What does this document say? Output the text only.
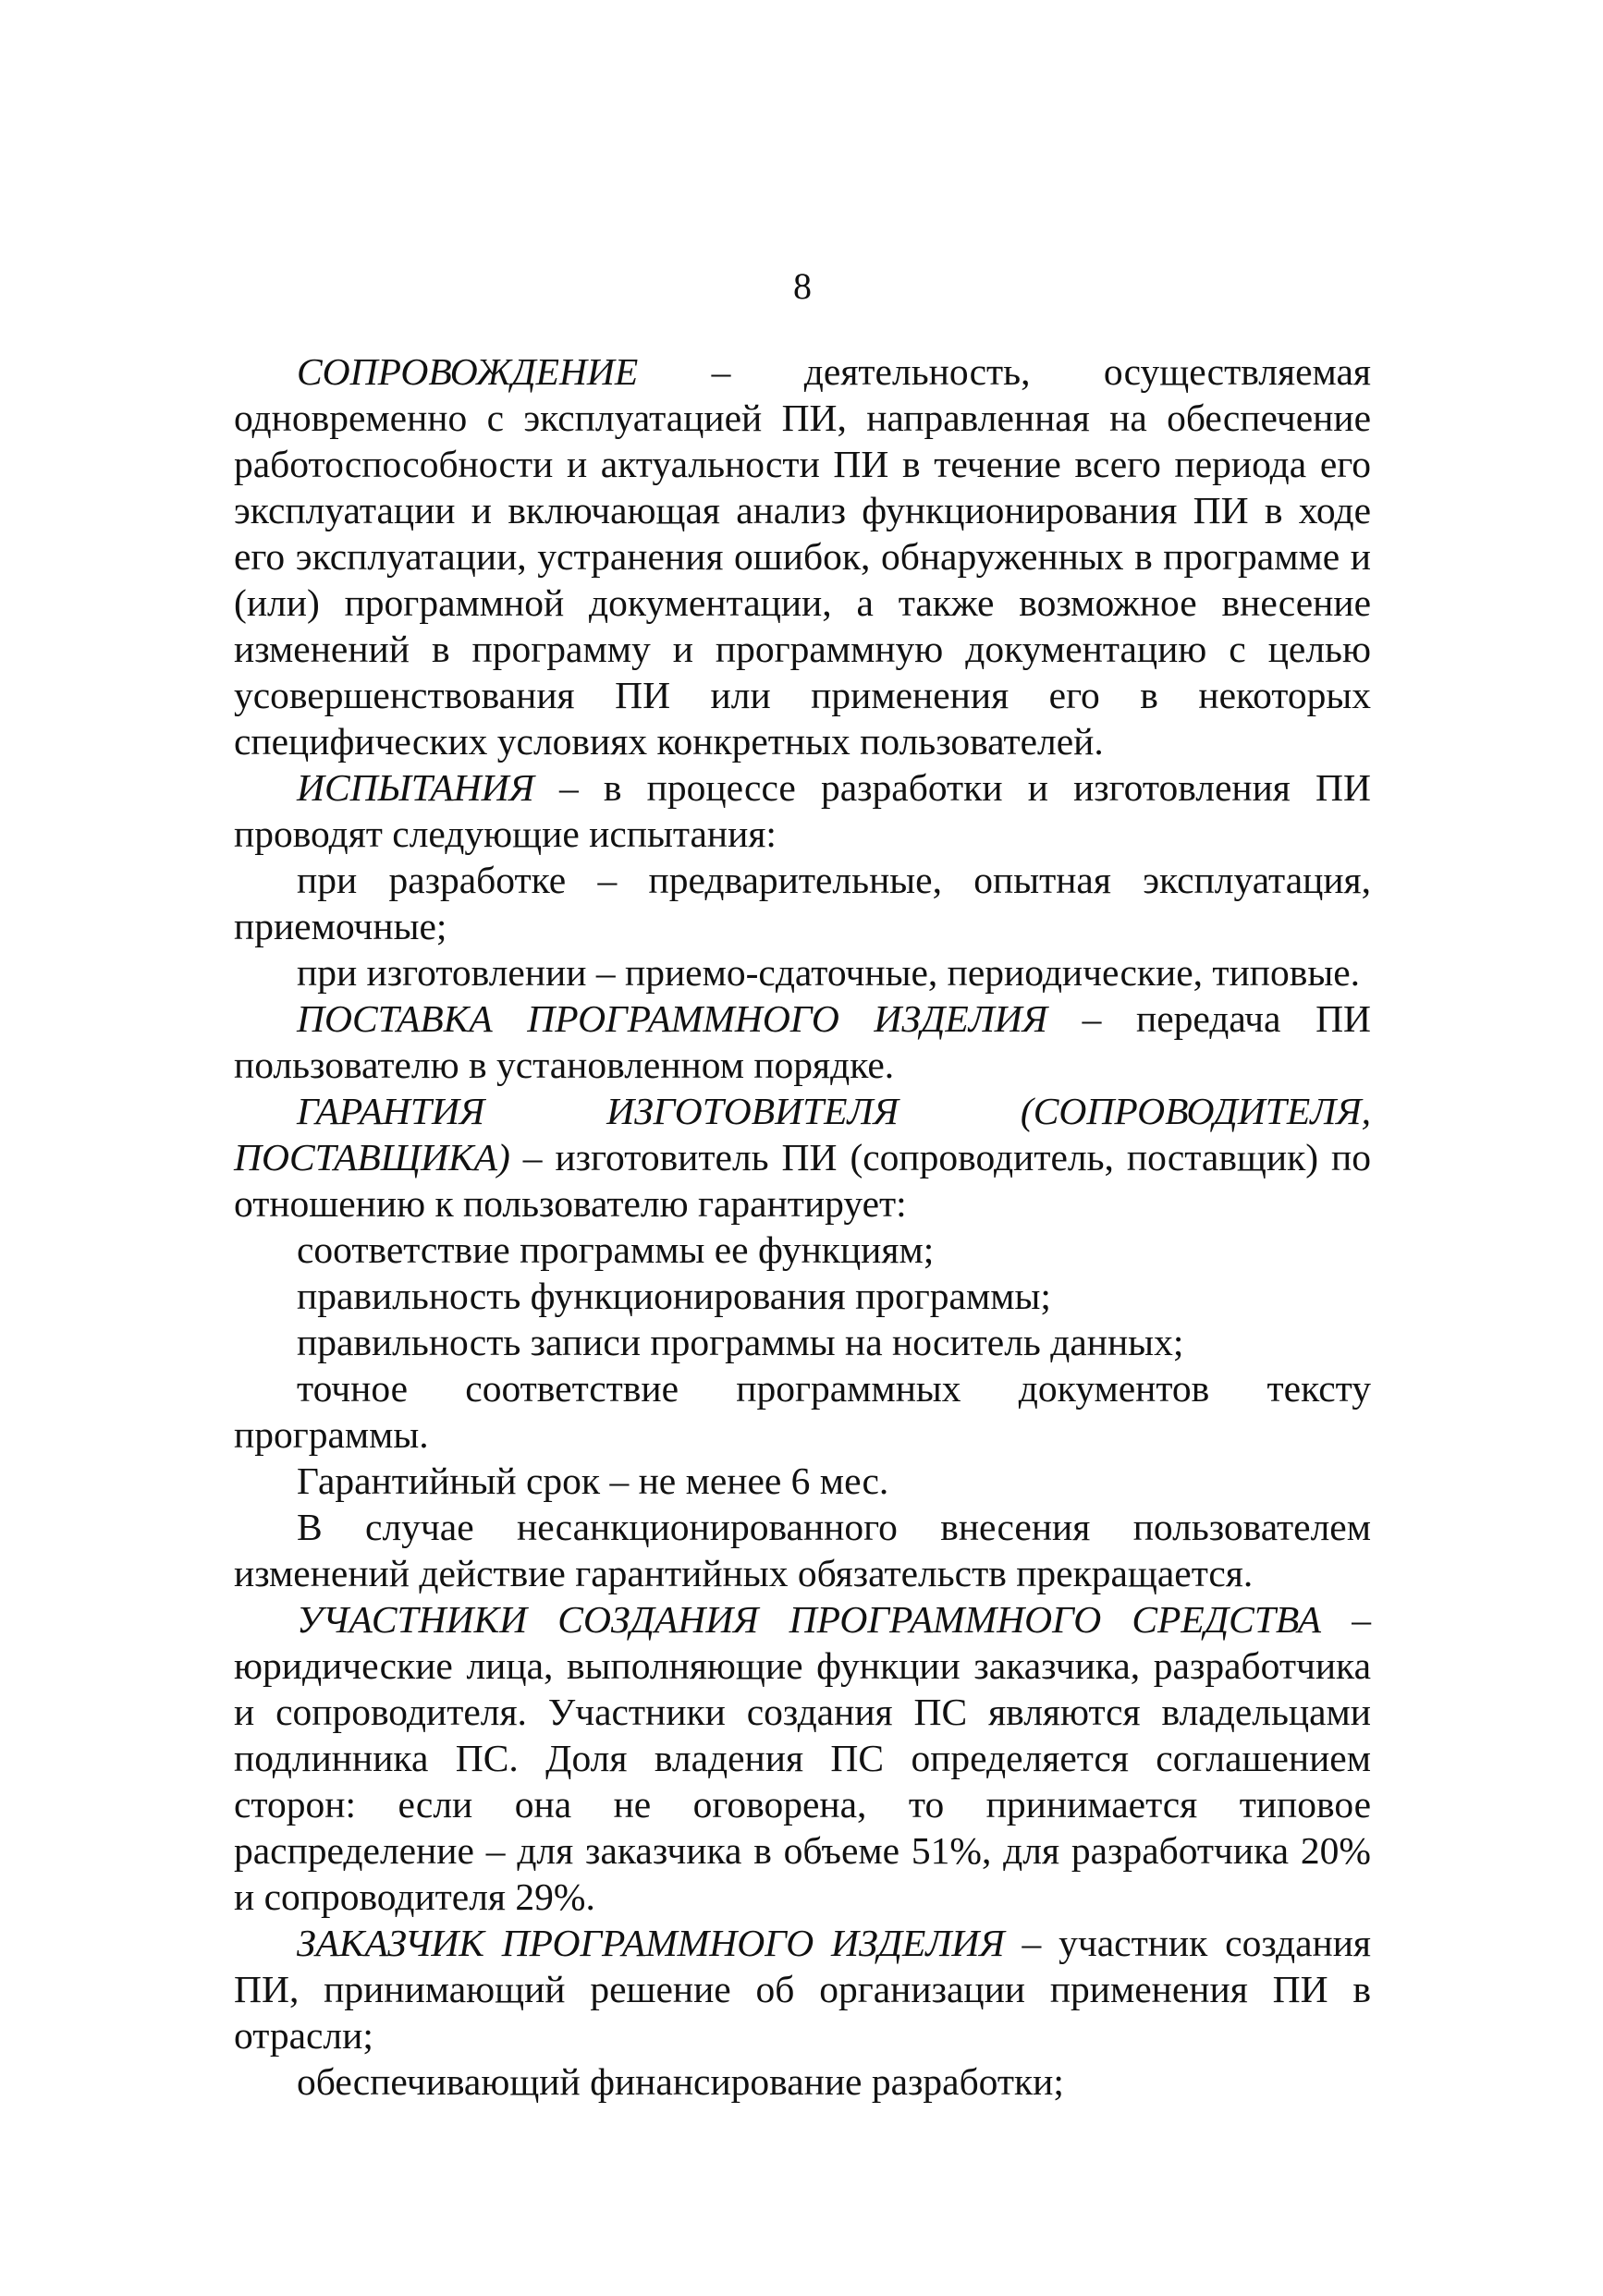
8

СОПРОВОЖДЕНИЕ – деятельность, осуществляемая одновременно с эксплуатацией ПИ, направленная на обеспечение работоспособности и актуальности ПИ в течение всего периода его эксплуатации и включающая анализ функционирования ПИ в ходе его эксплуатации, устранения ошибок, обнаруженных в программе и (или) программной документации, а также возможное внесение изменений в программу и программную документацию с целью усовершенствования ПИ или применения его в некоторых специфических условиях конкретных пользователей.

ИСПЫТАНИЯ – в процессе разработки и изготовления ПИ проводят следующие испытания:

при разработке – предварительные, опытная эксплуатация, приемочные;

при изготовлении – приемо-сдаточные, периодические, типовые.

ПОСТАВКА ПРОГРАММНОГО ИЗДЕЛИЯ – передача ПИ пользователю в установленном порядке.

ГАРАНТИЯ ИЗГОТОВИТЕЛЯ (СОПРОВОДИТЕЛЯ, ПОСТАВЩИКА) – изготовитель ПИ (сопроводитель, поставщик) по отношению к пользователю гарантирует:

соответствие программы ее функциям;

правильность функционирования программы;

правильность записи программы на носитель данных;

точное соответствие программных документов тексту программы.

Гарантийный срок – не менее 6 мес.

В случае несанкционированного внесения пользователем изменений действие гарантийных обязательств прекращается.

УЧАСТНИКИ СОЗДАНИЯ ПРОГРАММНОГО СРЕДСТВА – юридические лица, выполняющие функции заказчика, разработчика и сопроводителя. Участники создания ПС являются владельцами подлинника ПС. Доля владения ПС определяется соглашением сторон: если она не оговорена, то принимается типовое распределение – для заказчика в объеме 51%, для разработчика 20% и сопроводителя 29%.

ЗАКАЗЧИК ПРОГРАММНОГО ИЗДЕЛИЯ – участник создания ПИ, принимающий решение об организации применения ПИ в отрасли;

обеспечивающий финансирование разработки;
